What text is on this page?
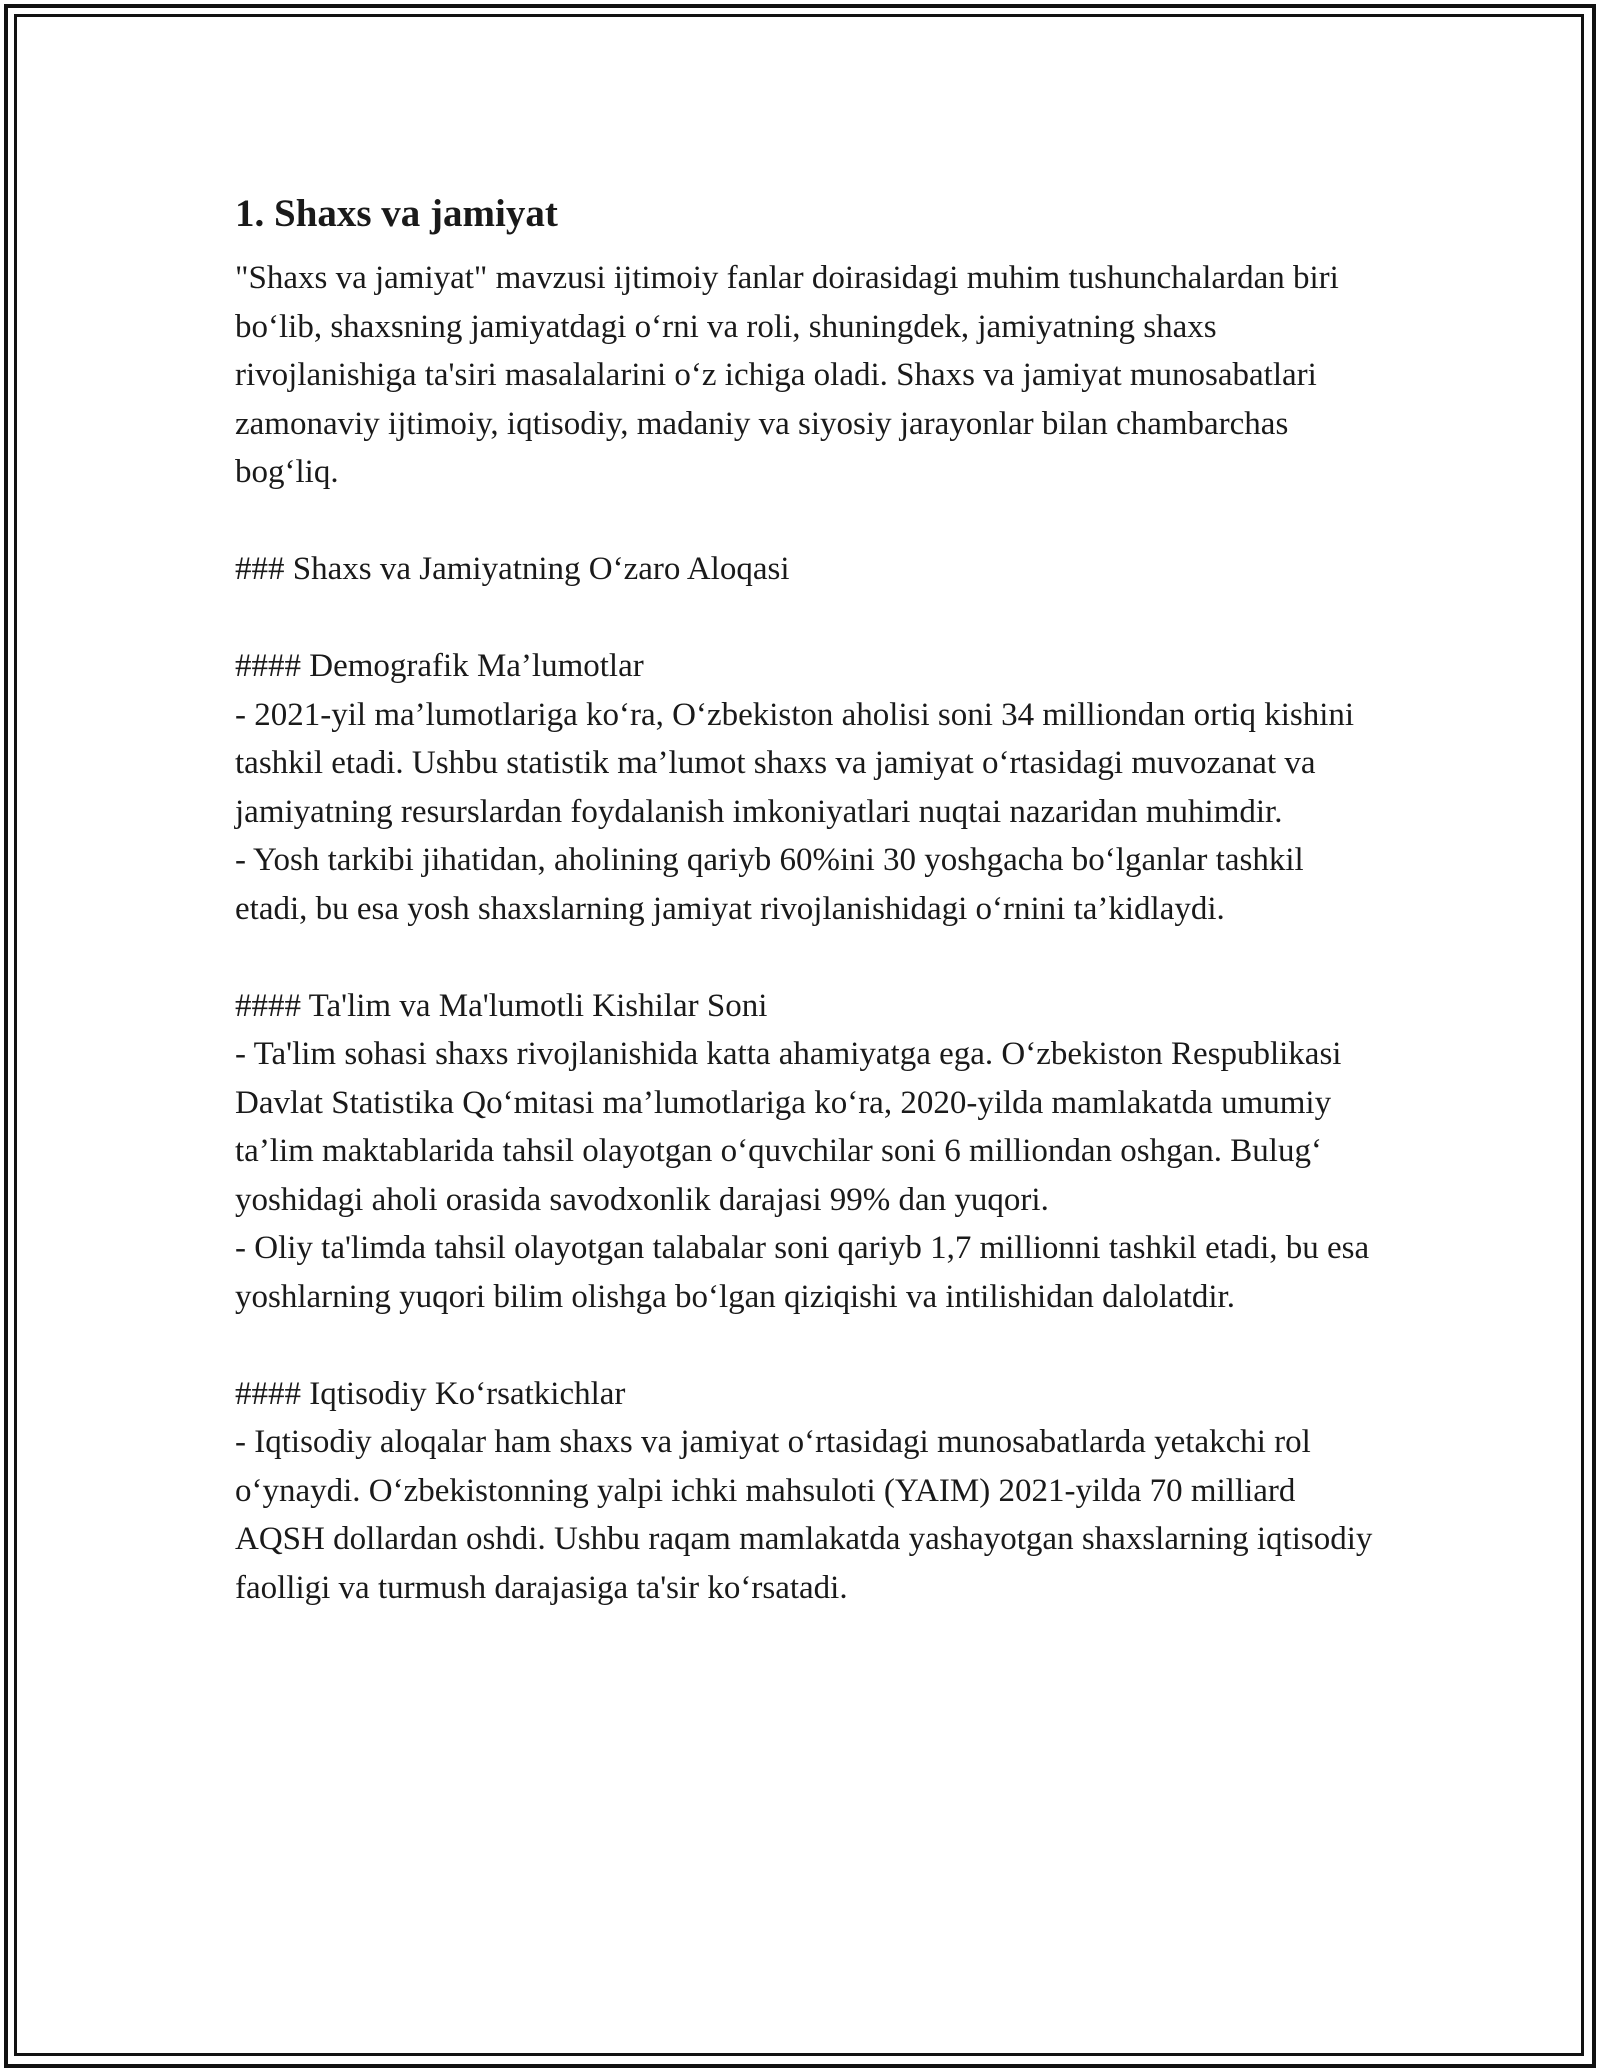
1. Shaxs va jamiyat

"Shaxs va jamiyat" mavzusi ijtimoiy fanlar doirasidagi muhim tushunchalardan biri bo‘lib, shaxsning jamiyatdagi o‘rni va roli, shuningdek, jamiyatning shaxs rivojlanishiga ta'siri masalalarini o‘z ichiga oladi. Shaxs va jamiyat munosabatlari zamonaviy ijtimoiy, iqtisodiy, madaniy va siyosiy jarayonlar bilan chambarchas bog‘liq.

### Shaxs va Jamiyatning O‘zaro Aloqasi

#### Demografik Ma’lumotlar

- 2021-yil ma’lumotlariga ko‘ra, O‘zbekiston aholisi soni 34 milliondan ortiq kishini tashkil etadi. Ushbu statistik ma’lumot shaxs va jamiyat o‘rtasidagi muvozanat va jamiyatning resurslardan foydalanish imkoniyatlari nuqtai nazaridan muhimdir.

- Yosh tarkibi jihatidan, aholining qariyb 60%ini 30 yoshgacha bo‘lganlar tashkil etadi, bu esa yosh shaxslarning jamiyat rivojlanishidagi o‘rnini ta’kidlaydi.

#### Ta'lim va Ma'lumotli Kishilar Soni

- Ta'lim sohasi shaxs rivojlanishida katta ahamiyatga ega. O‘zbekiston Respublikasi Davlat Statistika Qo‘mitasi ma’lumotlariga ko‘ra, 2020-yilda mamlakatda umumiy ta’lim maktablarida tahsil olayotgan o‘quvchilar soni 6 milliondan oshgan. Bulug‘ yoshidagi aholi orasida savodxonlik darajasi 99% dan yuqori.

- Oliy ta'limda tahsil olayotgan talabalar soni qariyb 1,7 millionni tashkil etadi, bu esa yoshlarning yuqori bilim olishga bo‘lgan qiziqishi va intilishidan dalolatdir.

#### Iqtisodiy Ko‘rsatkichlar

- Iqtisodiy aloqalar ham shaxs va jamiyat o‘rtasidagi munosabatlarda yetakchi rol o‘ynaydi. O‘zbekistonning yalpi ichki mahsuloti (YAIM) 2021-yilda 70 milliard AQSH dollardan oshdi. Ushbu raqam mamlakatda yashayotgan shaxslarning iqtisodiy faolligi va turmush darajasiga ta'sir ko‘rsatadi.
